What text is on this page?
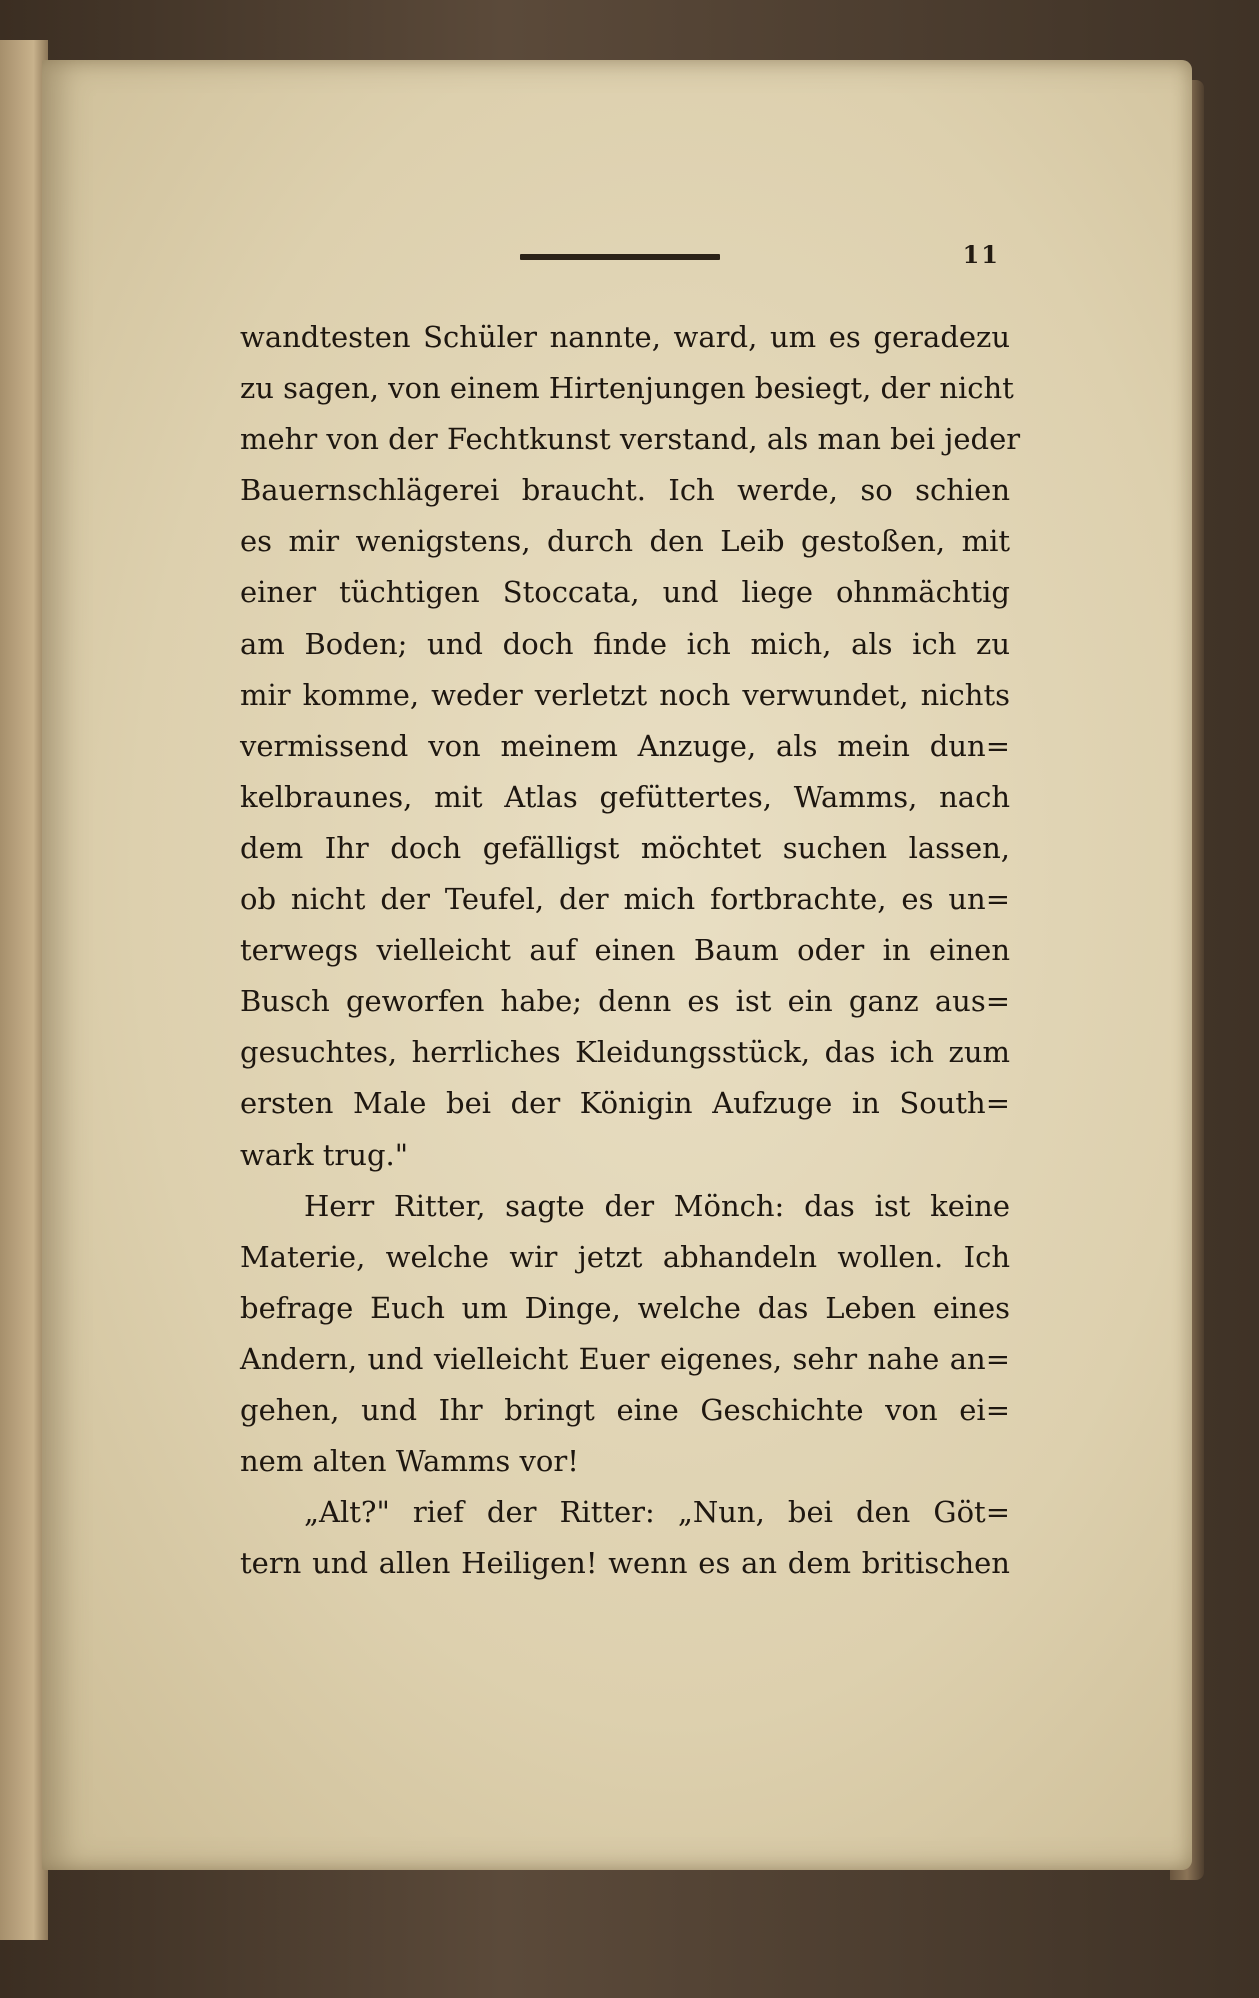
11
wandtesten Schüler nannte, ward, um es geradezu
zu sagen, von einem Hirtenjungen besiegt, der nicht
mehr von der Fechtkunst verstand, als man bei jeder
Bauernschlägerei braucht. Ich werde, so schien
es mir wenigstens, durch den Leib gestoßen, mit
einer tüchtigen Stoccata, und liege ohnmächtig
am Boden; und doch finde ich mich, als ich zu
mir komme, weder verletzt noch verwundet, nichts
vermissend von meinem Anzuge, als mein dun=
kelbraunes, mit Atlas gefüttertes, Wamms, nach
dem Ihr doch gefälligst möchtet suchen lassen,
ob nicht der Teufel, der mich fortbrachte, es un=
terwegs vielleicht auf einen Baum oder in einen
Busch geworfen habe; denn es ist ein ganz aus=
gesuchtes, herrliches Kleidungsstück, das ich zum
ersten Male bei der Königin Aufzuge in South=
wark trug."
Herr Ritter, sagte der Mönch: das ist keine
Materie, welche wir jetzt abhandeln wollen. Ich
befrage Euch um Dinge, welche das Leben eines
Andern, und vielleicht Euer eigenes, sehr nahe an=
gehen, und Ihr bringt eine Geschichte von ei=
nem alten Wamms vor!
„Alt?" rief der Ritter: „Nun, bei den Göt=
tern und allen Heiligen! wenn es an dem britischen
